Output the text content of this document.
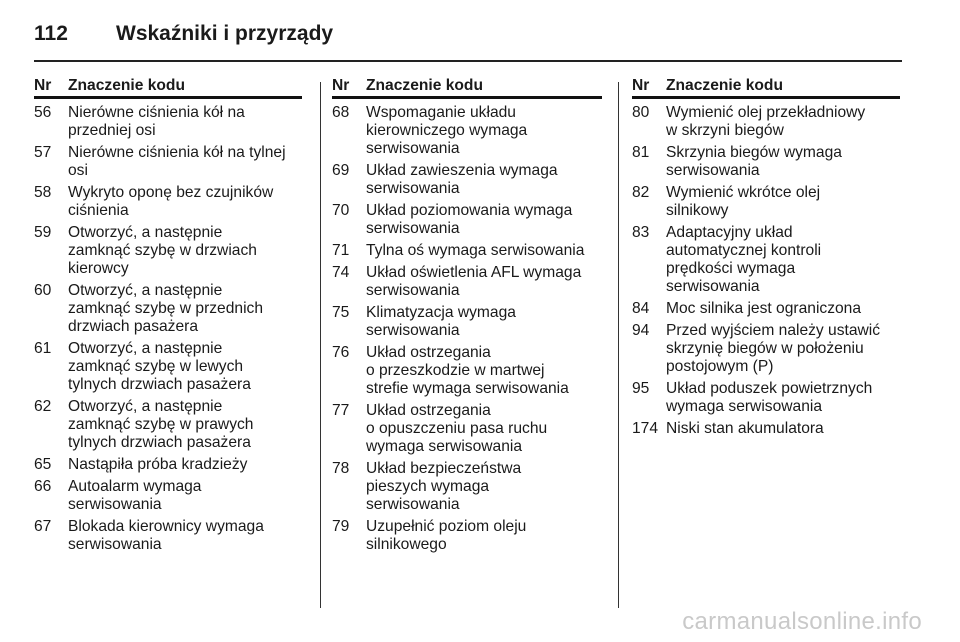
112	Wskaźniki i przyrządy
Nr	Znaczenie kodu
56	Nierówne ciśnienia kół na
przedniej osi
57	Nierówne ciśnienia kół na tylnej
osi
58	Wykryto oponę bez czujników
ciśnienia
59	Otworzyć, a następnie
zamknąć szybę w drzwiach
kierowcy
60	Otworzyć, a następnie
zamknąć szybę w przednich
drzwiach pasażera
61	Otworzyć, a następnie
zamknąć szybę w lewych
tylnych drzwiach pasażera
62	Otworzyć, a następnie
zamknąć szybę w prawych
tylnych drzwiach pasażera
65	Nastąpiła próba kradzieży
66	Autoalarm wymaga
serwisowania
67	Blokada kierownicy wymaga
serwisowania
Nr	Znaczenie kodu
68	Wspomaganie układu
kierowniczego wymaga
serwisowania
69	Układ zawieszenia wymaga
serwisowania
70	Układ poziomowania wymaga
serwisowania
71	Tylna oś wymaga serwisowania
74	Układ oświetlenia AFL wymaga
serwisowania
75	Klimatyzacja wymaga
serwisowania
76	Układ ostrzegania
o przeszkodzie w martwej
strefie wymaga serwisowania
77	Układ ostrzegania
o opuszczeniu pasa ruchu
wymaga serwisowania
78	Układ bezpieczeństwa
pieszych wymaga
serwisowania
79	Uzupełnić poziom oleju
silnikowego
Nr	Znaczenie kodu
80	Wymienić olej przekładniowy
w skrzyni biegów
81	Skrzynia biegów wymaga
serwisowania
82	Wymienić wkrótce olej
silnikowy
83	Adaptacyjny układ
automatycznej kontroli
prędkości wymaga
serwisowania
84	Moc silnika jest ograniczona
94	Przed wyjściem należy ustawić
skrzynię biegów w położeniu
postojowym (P)
95	Układ poduszek powietrznych
wymaga serwisowania
174 Niski stan akumulatora
carmanualsonline.info
